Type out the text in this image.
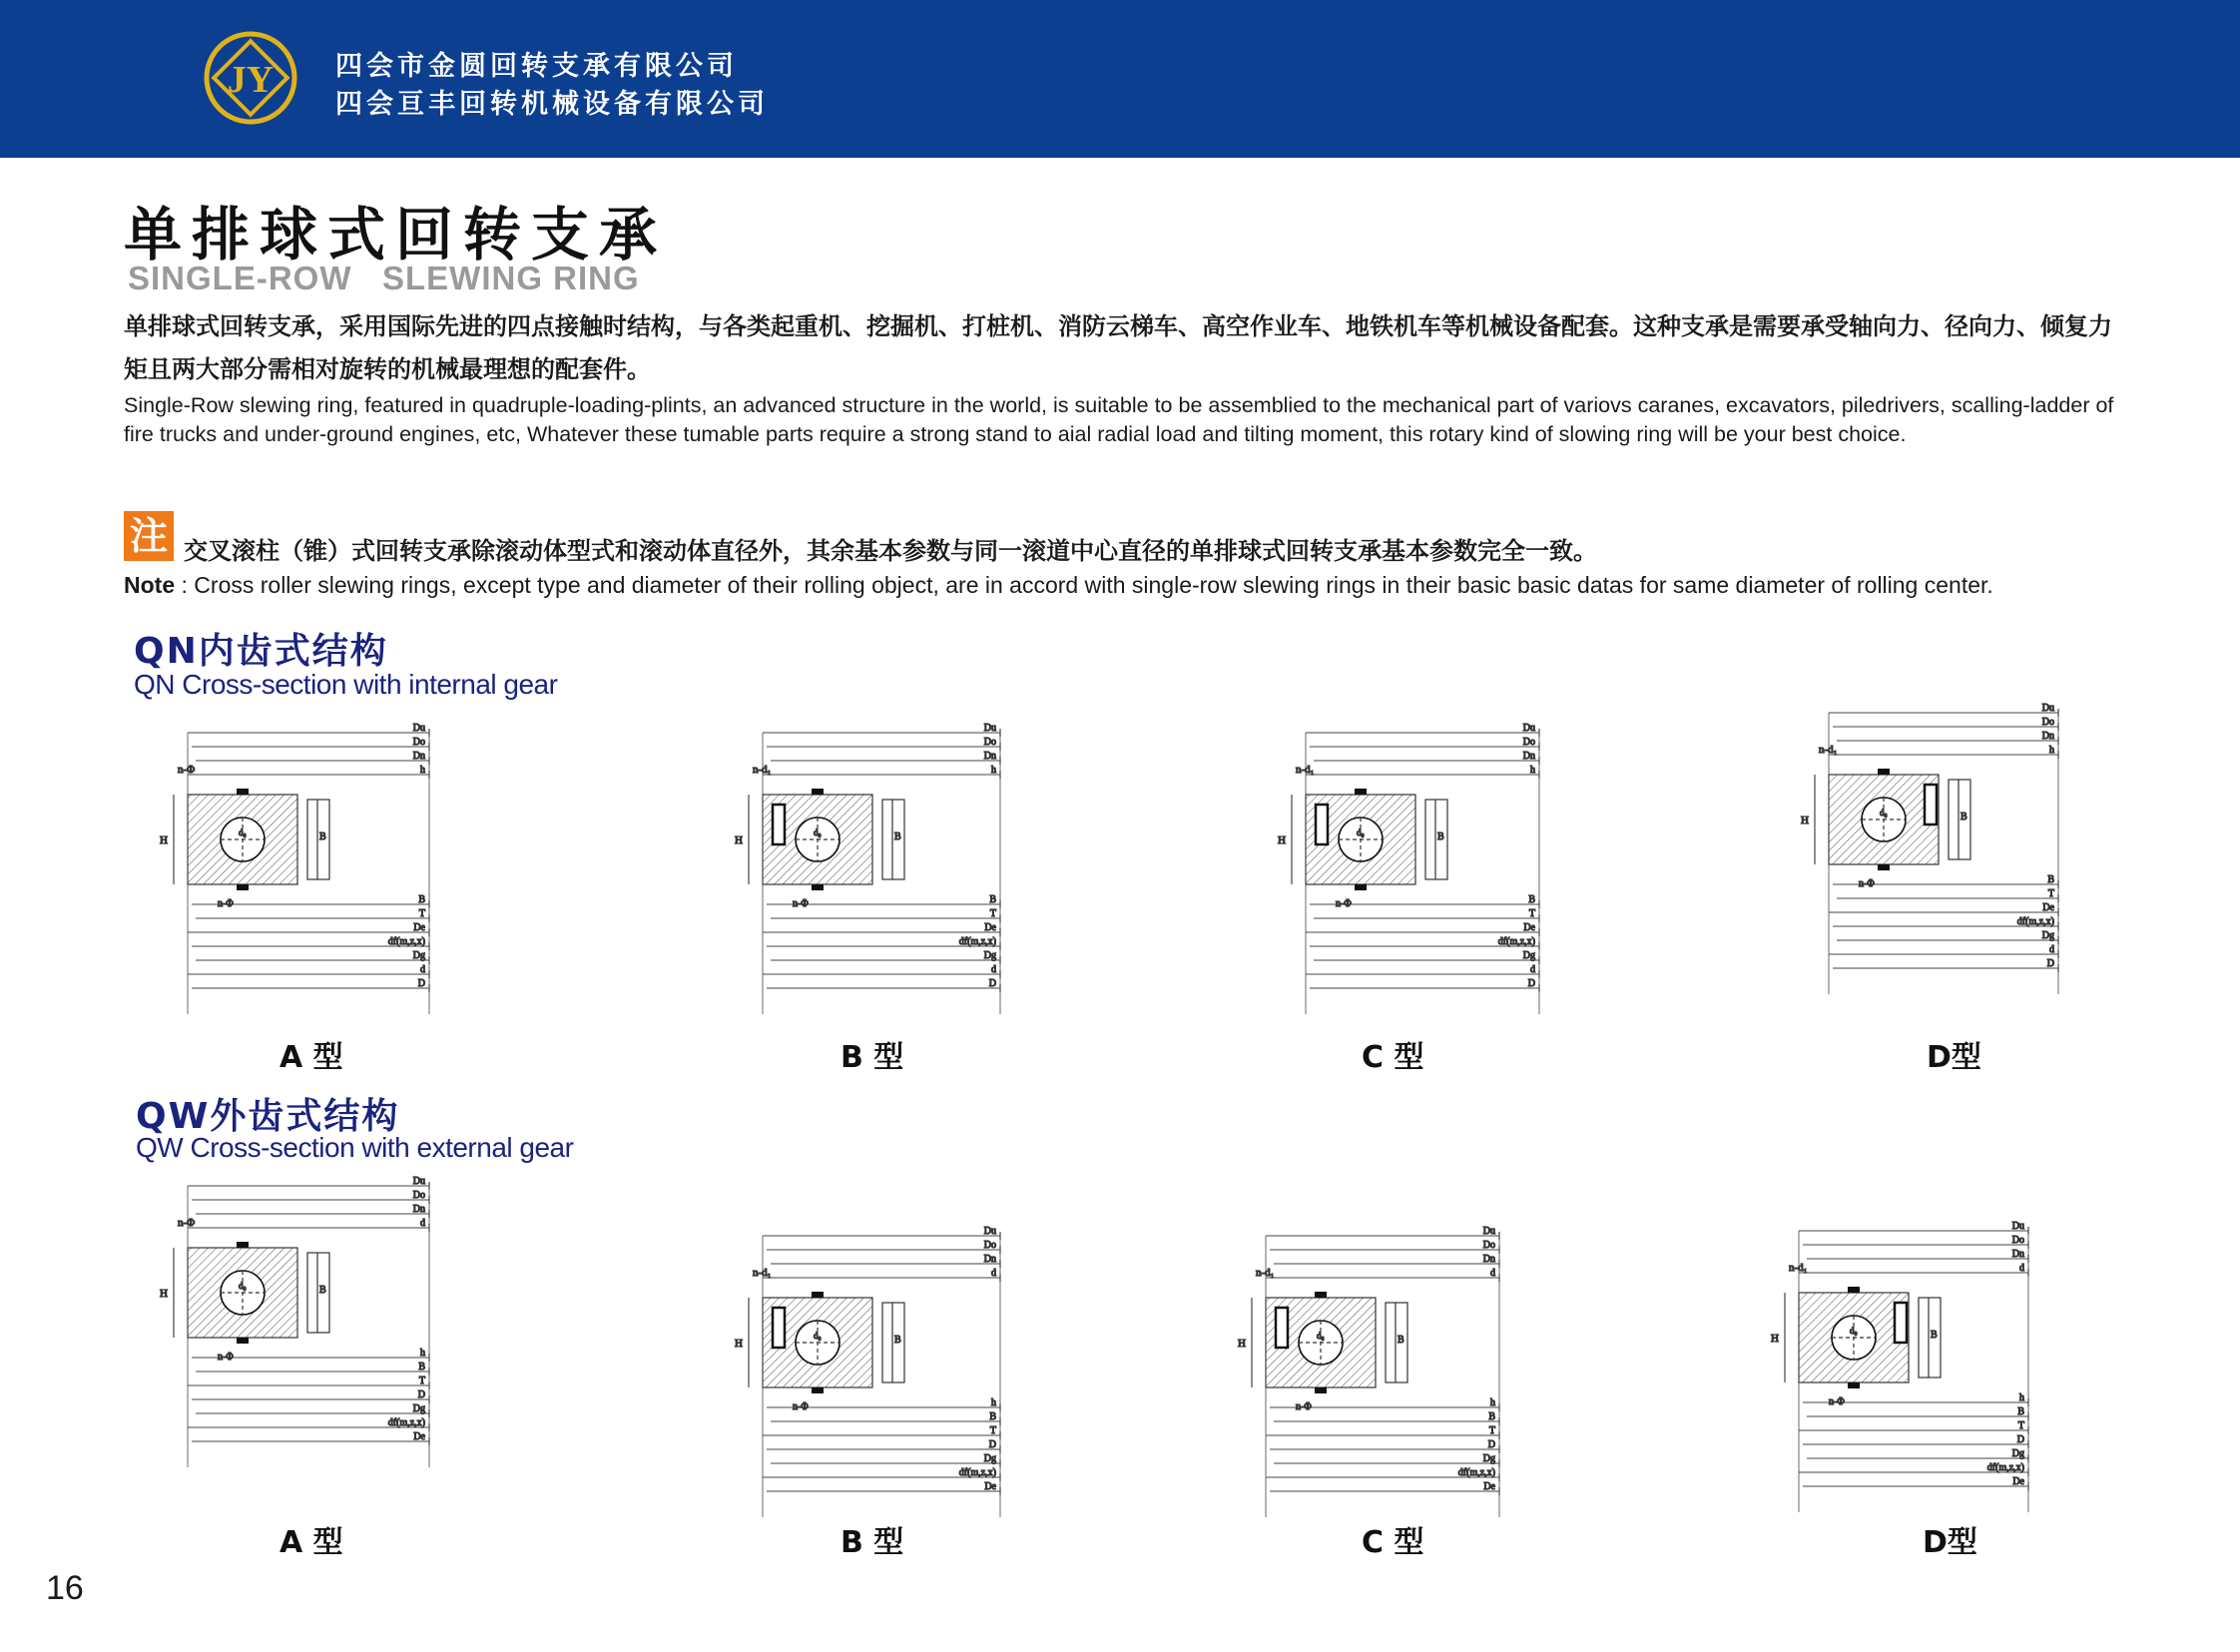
JY 四会市金圆回转支承有限公司
四会亘丰回转机械设备有限公司
单排球式回转支承
SINGLE-ROW   SLEWING RING
单排球式回转支承，采用国际先进的四点接触时结构，与各类起重机、挖掘机、打桩机、消防云梯车、高空作业车、地铁机车等机械设备配套。这种支承是需要承受轴向力、径向力、倾复力矩且两大部分需相对旋转的机械最理想的配套件。
Single-Row slewing ring, featured in quadruple-loading-plints, an advanced structure in the world, is suitable to be assemblied to the mechanical part of variovs caranes, excavators, piledrivers, scalling-ladder of fire trucks and under-ground engines, etc, Whatever these tumable parts require a strong stand to aial radial load and tilting moment, this rotary kind of slowing ring will be your best choice.
注 交叉滚柱（锥）式回转支承除滚动体型式和滚动体直径外，其余基本参数与同一滚道中心直径的单排球式回转支承基本参数完全一致。
Note : Cross roller slewing rings, except type and diameter of their rolling object, are in accord with single-row slewing rings in their basic basic datas for same diameter of rolling center.
QN内齿式结构
QN Cross-section with internal gear
QW外齿式结构
QW Cross-section with external gear
d₀
Du
Do
Dn
h
B
T
De
df(m,z,x)
Dg
d
D
H	B
n-Φ
n-Φ
d₀
Du
Do
Dn
h
B
T
De
df(m,z,x)
Dg
d
D
H	B
n-d₁
n-Φ
d₀
Du
Do
Dn
h
B
T
De
df(m,z,x)
Dg
d
D
H	B
n-d₁
n-Φ
d₀
Du
Do
Dn
h
B
T
De
df(m,z,x)
Dg
d
D
H	B
n-d₁
n-Φ
d₀
Du
Do
Dn
d
h
B
T
D
Dg
df(m,z,x)
De
H	B
n-Φ
n-Φ
d₀
Du
Do
Dn
d
h
B
T
D
Dg
df(m,z,x)
De
H	B
n-d₁
n-Φ
d₀
Du
Do
Dn
d
h
B
T
D
Dg
df(m,z,x)
De
H	B
n-d₁
n-Φ
d₀
Du
Do
Dn
d
h
B
T
D
Dg
df(m,z,x)
De
H	B
n-d₁
n-Φ
A 型	B 型	C 型	D型
A 型	B 型	C 型	D型
16
